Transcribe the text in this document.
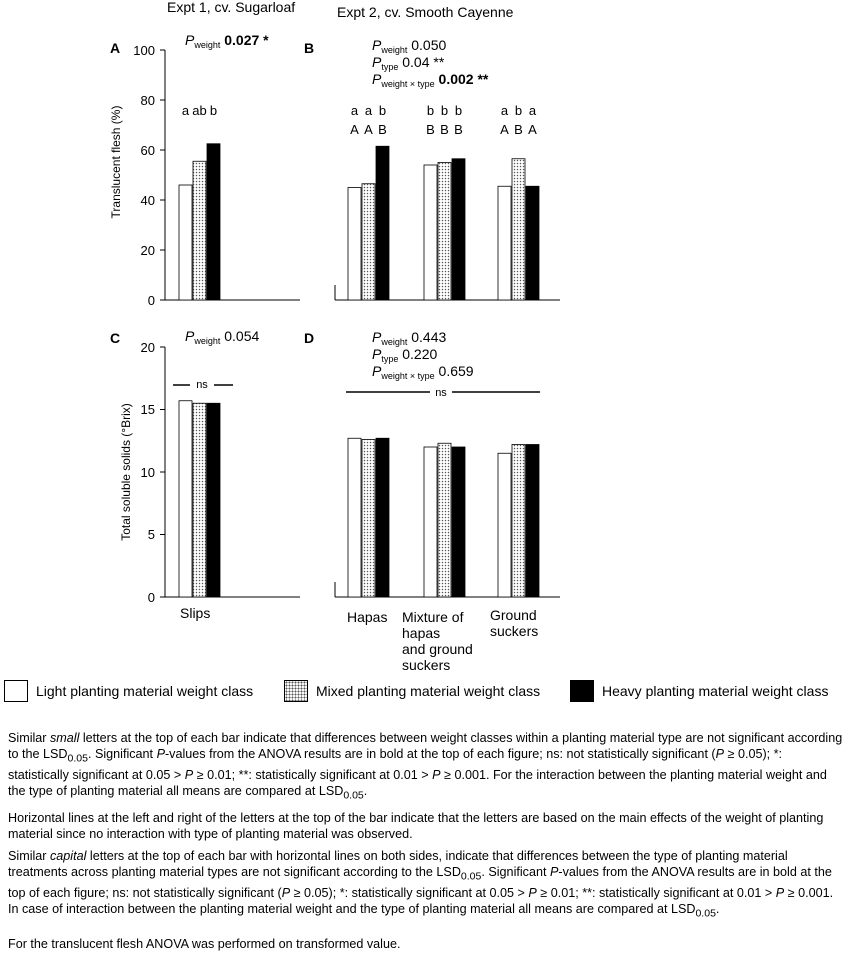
Expt 1, cv. Sugarloaf	Expt 2, cv. Smooth Cayenne
A	B
C	D
Translucent flesh (%)
Total soluble solids (°Brix)
0
20
40
60
80
100
0
5
10
15
20
$P_{weight}$ 0.027 *	$P_{weight}$ 0.050
$P_{type}$ 0.04 **
$P_{weight \times type}$ 0.002 **
$P_{weight}$ 0.054	$P_{weight}$ 0.443
$P_{type}$ 0.220
$P_{weight \times type}$ 0.659
ns
ns
Slips	Hapas Mixture of hapas and ground suckers
Ground suckers
a ab b	a
A
a
A
b
B
b
B
b
B
b
B
a
A
b
B
a
A
Light planting material weight class	Mixed planting material weight class	Heavy planting material weight class

Similar small letters at the top of each bar indicate that differences between weight classes within a planting material type are not significant according to the $LSD_{0.05}$. Significant P-values from the ANOVA results are in bold at the top of each figure; ns: not statistically significant (P ≥ 0.05); *: statistically significant at 0.05 > P ≥ 0.01; **: statistically significant at 0.01 > P ≥ 0.001. For the interaction between the planting material weight and the type of planting material all means are compared at $LSD_{0.05}$.

Horizontal lines at the left and right of the letters at the top of the bar indicate that the letters are based on the main effects of the weight of planting material since no interaction with type of planting material was observed.

Similar capital letters at the top of each bar with horizontal lines on both sides, indicate that differences between the type of planting material treatments across planting material types are not significant according to the $LSD_{0.05}$. Significant P-values from the ANOVA results are in bold at the top of each figure; ns: not statistically significant (P ≥ 0.05); *: statistically significant at 0.05 > P ≥ 0.01; **: statistically significant at 0.01 > P ≥ 0.001. In case of interaction between the planting material weight and the type of planting material all means are compared at $LSD_{0.05}$.

For the translucent flesh ANOVA was performed on transformed value.
